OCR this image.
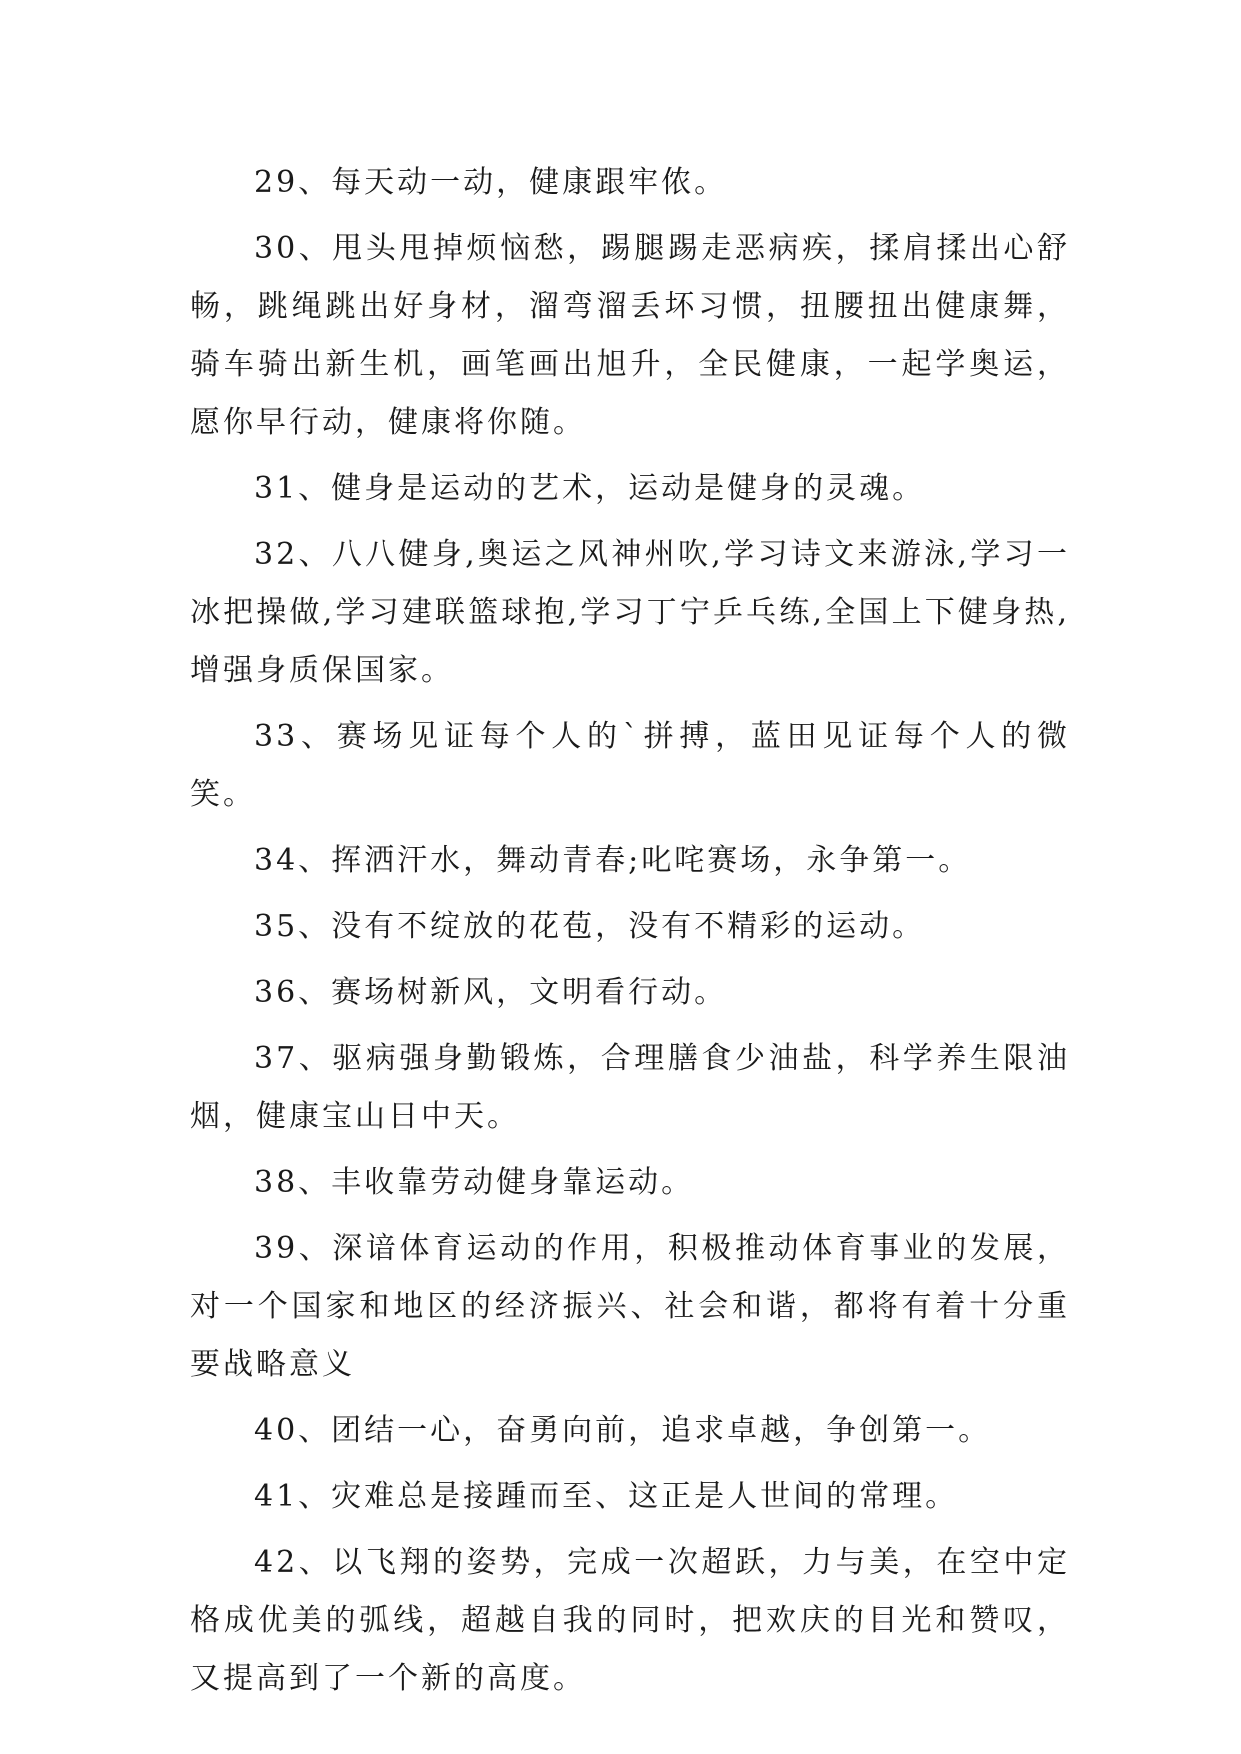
29、每天动一动，健康跟牢侬。

30、甩头甩掉烦恼愁，踢腿踢走恶病疾，揉肩揉出心舒畅，跳绳跳出好身材，溜弯溜丢坏习惯，扭腰扭出健康舞，骑车骑出新生机，画笔画出旭升，全民健康，一起学奥运，愿你早行动，健康将你随。

31、健身是运动的艺术，运动是健身的灵魂。

32、八八健身,奥运之风神州吹,学习诗文来游泳,学习一冰把操做,学习建联篮球抱,学习丁宁乒乓练,全国上下健身热,增强身质保国家。

33、赛场见证每个人的`拼搏，蓝田见证每个人的微笑。

34、挥洒汗水，舞动青春;叱咤赛场，永争第一。

35、没有不绽放的花苞，没有不精彩的运动。

36、赛场树新风，文明看行动。

37、驱病强身勤锻炼，合理膳食少油盐，科学养生限油烟，健康宝山日中天。

38、丰收靠劳动健身靠运动。

39、深谙体育运动的作用，积极推动体育事业的发展，对一个国家和地区的经济振兴、社会和谐，都将有着十分重要战略意义

40、团结一心，奋勇向前，追求卓越，争创第一。

41、灾难总是接踵而至、这正是人世间的常理。

42、以飞翔的姿势，完成一次超跃，力与美，在空中定格成优美的弧线，超越自我的同时，把欢庆的目光和赞叹，又提高到了一个新的高度。
